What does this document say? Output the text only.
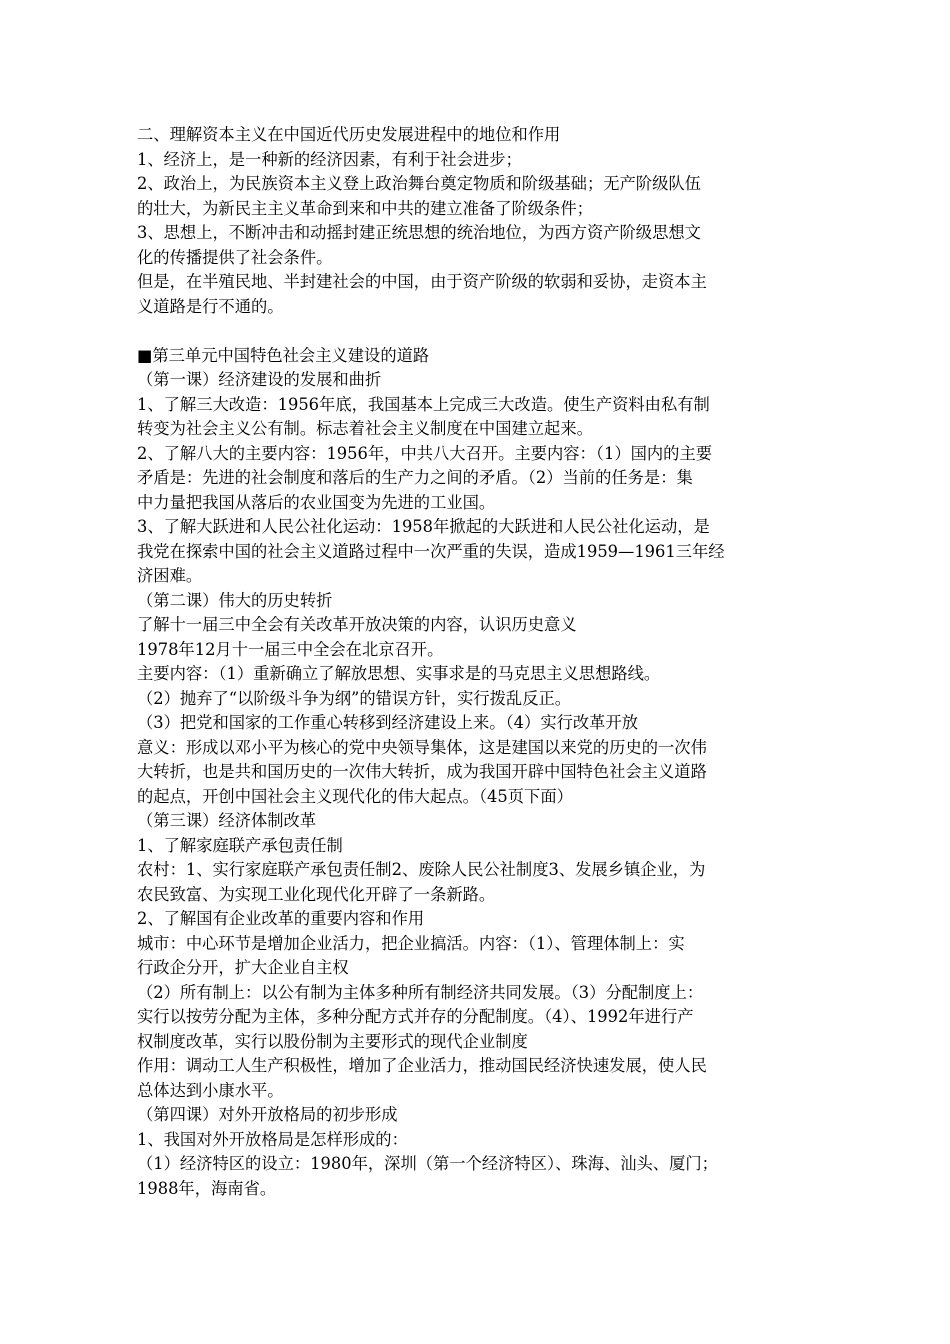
二、理解资本主义在中国近代历史发展进程中的地位和作用
1、经济上，是一种新的经济因素，有利于社会进步；
2、政治上，为民族资本主义登上政治舞台奠定物质和阶级基础；无产阶级队伍
的壮大，为新民主主义革命到来和中共的建立准备了阶级条件；
3、思想上，不断冲击和动摇封建正统思想的统治地位，为西方资产阶级思想文
化的传播提供了社会条件。
但是，在半殖民地、半封建社会的中国，由于资产阶级的软弱和妥协，走资本主
义道路是行不通的。
■第三单元中国特色社会主义建设的道路
（第一课）经济建设的发展和曲折
1、了解三大改造：1956年底，我国基本上完成三大改造。使生产资料由私有制
转变为社会主义公有制。标志着社会主义制度在中国建立起来。
2、了解八大的主要内容：1956年，中共八大召开。主要内容：（1）国内的主要
矛盾是：先进的社会制度和落后的生产力之间的矛盾。（2）当前的任务是：集
中力量把我国从落后的农业国变为先进的工业国。
3、了解大跃进和人民公社化运动：1958年掀起的大跃进和人民公社化运动，是
我党在探索中国的社会主义道路过程中一次严重的失误，造成1959—1961三年经
济困难。
（第二课）伟大的历史转折
了解十一届三中全会有关改革开放决策的内容，认识历史意义
1978年12月十一届三中全会在北京召开。
主要内容：（1）重新确立了解放思想、实事求是的马克思主义思想路线。
（2）抛弃了“以阶级斗争为纲”的错误方针，实行拨乱反正。
（3）把党和国家的工作重心转移到经济建设上来。（4）实行改革开放
意义：形成以邓小平为核心的党中央领导集体，这是建国以来党的历史的一次伟
大转折，也是共和国历史的一次伟大转折，成为我国开辟中国特色社会主义道路
的起点，开创中国社会主义现代化的伟大起点。（45页下面）
（第三课）经济体制改革
1、了解家庭联产承包责任制
农村：1、实行家庭联产承包责任制2、废除人民公社制度3、发展乡镇企业，为
农民致富、为实现工业化现代化开辟了一条新路。
2、了解国有企业改革的重要内容和作用
城市：中心环节是增加企业活力，把企业搞活。内容：（1）、管理体制上：实
行政企分开，扩大企业自主权
（2）所有制上：以公有制为主体多种所有制经济共同发展。（3）分配制度上：
实行以按劳分配为主体，多种分配方式并存的分配制度。（4）、1992年进行产
权制度改革，实行以股份制为主要形式的现代企业制度
作用：调动工人生产积极性，增加了企业活力，推动国民经济快速发展，使人民
总体达到小康水平。
（第四课）对外开放格局的初步形成
1、我国对外开放格局是怎样形成的：
（1）经济特区的设立：1980年，深圳（第一个经济特区）、珠海、汕头、厦门；
1988年，海南省。
